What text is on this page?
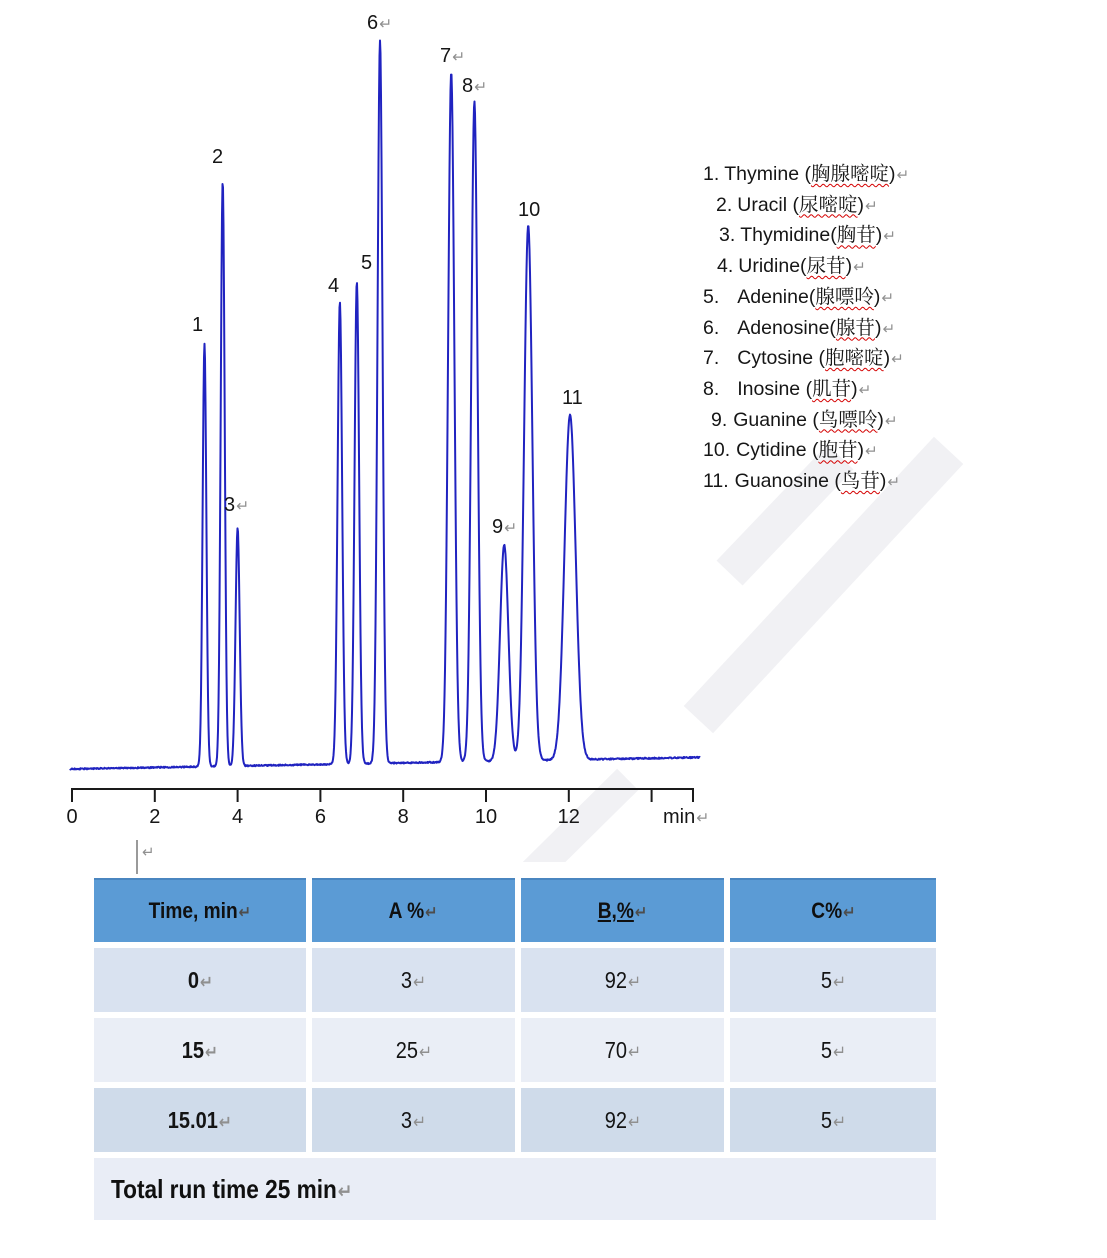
1
2
3↵
4
5
6↵
7↵
8↵
9↵
10
11
0	2	4	6	8	10	12	min↵
↵
1. Thymine (胸腺嘧啶)↵
2. Uracil (尿嘧啶)↵
3. Thymidine(胸苷)↵
4. Uridine(尿苷)↵
5. Adenine(腺嘌呤)↵
6. Adenosine(腺苷)↵
7. Cytosine (胞嘧啶)↵
8. Inosine (肌苷)↵
9. Guanine (鸟嘌呤)↵
10. Cytidine (胞苷)↵
11. Guanosine (鸟苷)↵
Time, min↵	A %↵	B,%↵	C%↵
0↵	3↵	92↵	5↵
15↵	25↵	70↵	5↵
15.01↵	3↵	92↵	5↵
Total run time 25 min↵
